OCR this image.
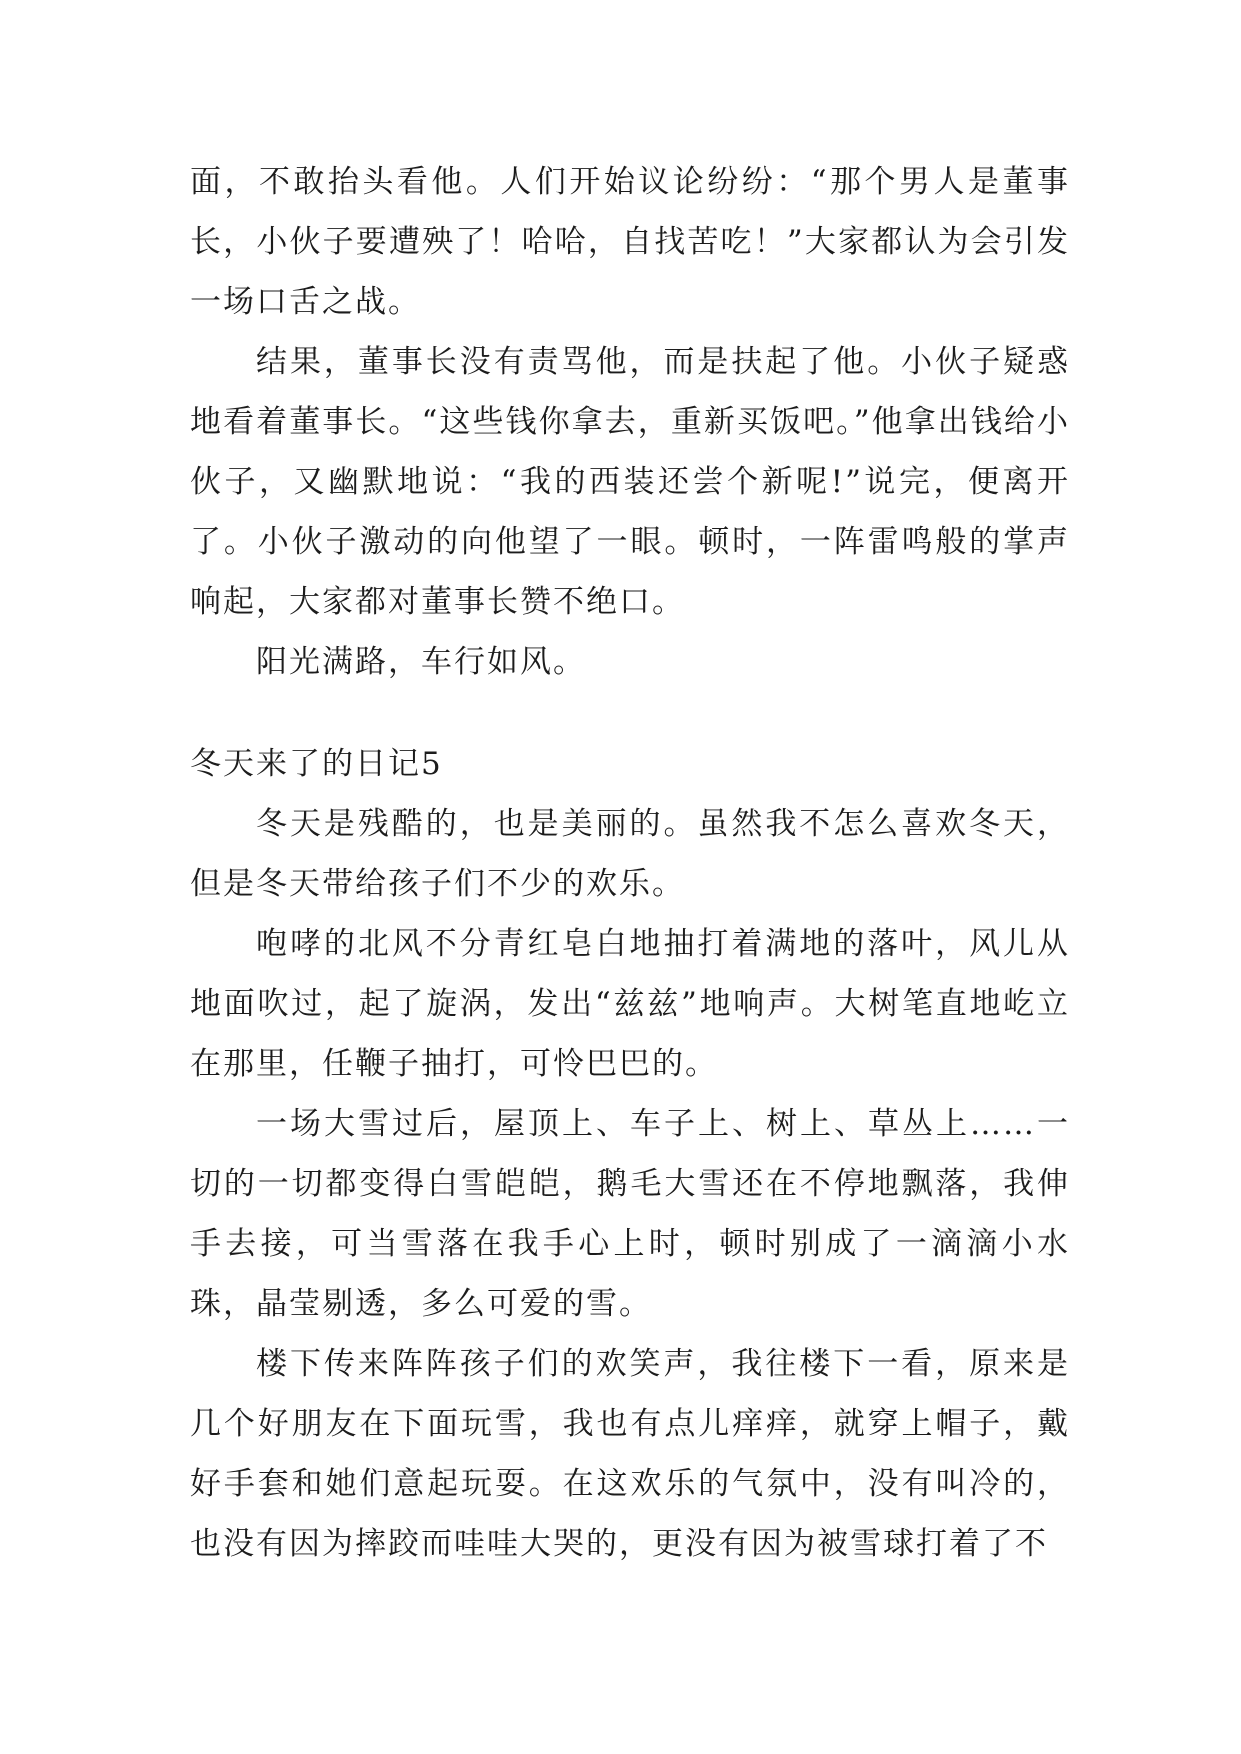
面，不敢抬头看他。人们开始议论纷纷：“那个男人是董事长，小伙子要遭殃了！哈哈，自找苦吃！”大家都认为会引发一场口舌之战。

结果，董事长没有责骂他，而是扶起了他。小伙子疑惑地看着董事长。“这些钱你拿去，重新买饭吧。”他拿出钱给小伙子，又幽默地说：“我的西装还尝个新呢!”说完，便离开了。小伙子激动的向他望了一眼。顿时，一阵雷鸣般的掌声响起，大家都对董事长赞不绝口。

阳光满路，车行如风。

冬天来了的日记5

冬天是残酷的，也是美丽的。虽然我不怎么喜欢冬天，但是冬天带给孩子们不少的欢乐。

咆哮的北风不分青红皂白地抽打着满地的落叶，风儿从地面吹过，起了旋涡，发出“兹兹”地响声。大树笔直地屹立在那里，任鞭子抽打，可怜巴巴的。

一场大雪过后，屋顶上、车子上、树上、草丛上……一切的一切都变得白雪皑皑，鹅毛大雪还在不停地飘落，我伸手去接，可当雪落在我手心上时，顿时别成了一滴滴小水珠，晶莹剔透，多么可爱的雪。

楼下传来阵阵孩子们的欢笑声，我往楼下一看，原来是几个好朋友在下面玩雪，我也有点儿痒痒，就穿上帽子，戴好手套和她们意起玩耍。在这欢乐的气氛中，没有叫冷的，也没有因为摔跤而哇哇大哭的，更没有因为被雪球打着了不
